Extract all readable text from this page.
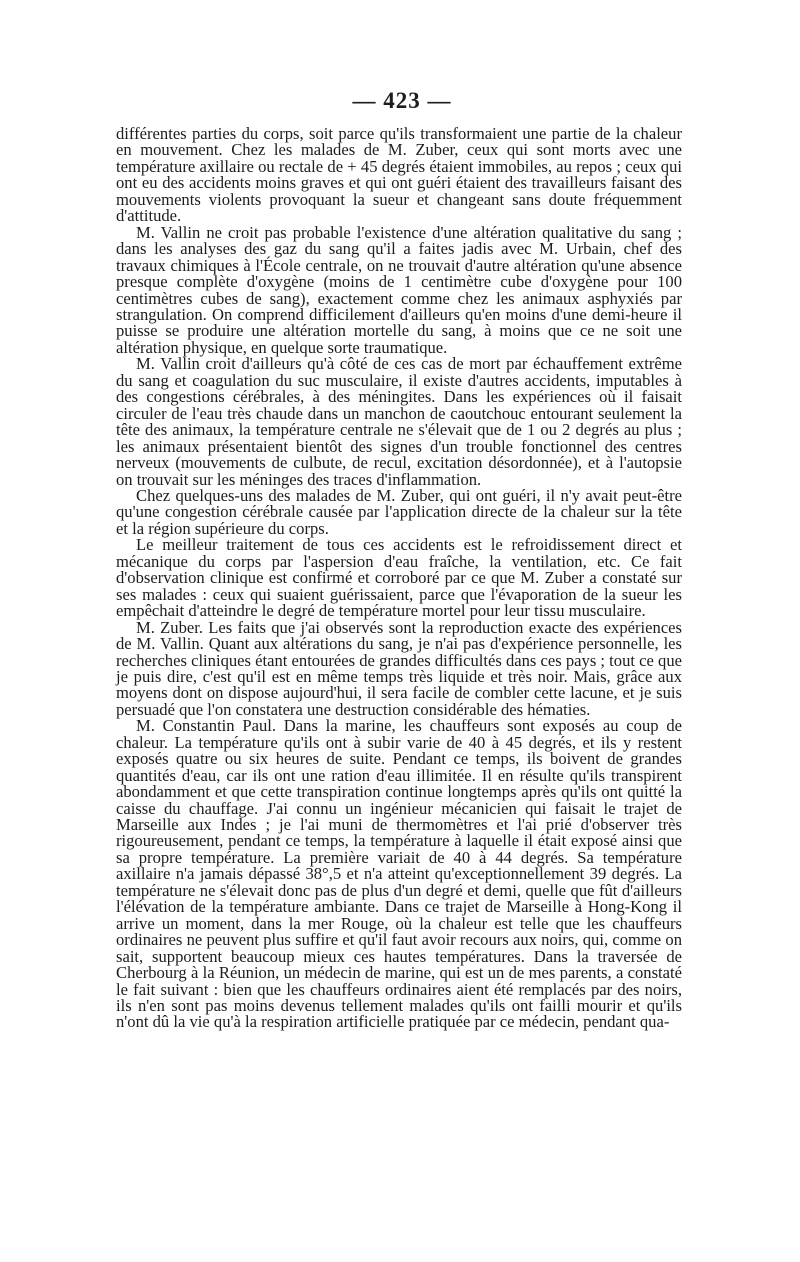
— 423 —

différentes parties du corps, soit parce qu'ils transformaient une partie de la chaleur en mouvement. Chez les malades de M. Zuber, ceux qui sont morts avec une température axillaire ou rectale de + 45 degrés étaient immobiles, au repos ; ceux qui ont eu des accidents moins graves et qui ont guéri étaient des travailleurs faisant des mouvements violents provoquant la sueur et changeant sans doute fréquemment d'attitude.

M. Vallin ne croit pas probable l'existence d'une altération qualitative du sang ; dans les analyses des gaz du sang qu'il a faites jadis avec M. Urbain, chef des travaux chimiques à l'École centrale, on ne trouvait d'autre altération qu'une absence presque complète d'oxygène (moins de 1 centimètre cube d'oxygène pour 100 centimètres cubes de sang), exactement comme chez les animaux asphyxiés par strangulation. On comprend difficilement d'ailleurs qu'en moins d'une demi-heure il puisse se produire une altération mortelle du sang, à moins que ce ne soit une altération physique, en quelque sorte traumatique.

M. Vallin croit d'ailleurs qu'à côté de ces cas de mort par échauffement extrême du sang et coagulation du suc musculaire, il existe d'autres accidents, imputables à des congestions cérébrales, à des méningites. Dans les expériences où il faisait circuler de l'eau très chaude dans un manchon de caoutchouc entourant seulement la tête des animaux, la température centrale ne s'élevait que de 1 ou 2 degrés au plus ; les animaux présentaient bientôt des signes d'un trouble fonctionnel des centres nerveux (mouvements de culbute, de recul, excitation désordonnée), et à l'autopsie on trouvait sur les méninges des traces d'inflammation.

Chez quelques-uns des malades de M. Zuber, qui ont guéri, il n'y avait peut-être qu'une congestion cérébrale causée par l'application directe de la chaleur sur la tête et la région supérieure du corps.

Le meilleur traitement de tous ces accidents est le refroidissement direct et mécanique du corps par l'aspersion d'eau fraîche, la ventilation, etc. Ce fait d'observation clinique est confirmé et corroboré par ce que M. Zuber a constaté sur ses malades : ceux qui suaient guérissaient, parce que l'évaporation de la sueur les empêchait d'atteindre le degré de température mortel pour leur tissu musculaire.

M. Zuber. Les faits que j'ai observés sont la reproduction exacte des expériences de M. Vallin. Quant aux altérations du sang, je n'ai pas d'expérience personnelle, les recherches cliniques étant entourées de grandes difficultés dans ces pays ; tout ce que je puis dire, c'est qu'il est en même temps très liquide et très noir. Mais, grâce aux moyens dont on dispose aujourd'hui, il sera facile de combler cette lacune, et je suis persuadé que l'on constatera une destruction considérable des hématies.

M. Constantin Paul. Dans la marine, les chauffeurs sont exposés au coup de chaleur. La température qu'ils ont à subir varie de 40 à 45 degrés, et ils y restent exposés quatre ou six heures de suite. Pendant ce temps, ils boivent de grandes quantités d'eau, car ils ont une ration d'eau illimitée. Il en résulte qu'ils transpirent abondamment et que cette transpiration continue longtemps après qu'ils ont quitté la caisse du chauffage. J'ai connu un ingénieur mécanicien qui faisait le trajet de Marseille aux Indes ; je l'ai muni de thermomètres et l'ai prié d'observer très rigoureusement, pendant ce temps, la température à laquelle il était exposé ainsi que sa propre température. La première variait de 40 à 44 degrés. Sa température axillaire n'a jamais dépassé 38°,5 et n'a atteint qu'exceptionnellement 39 degrés. La température ne s'élevait donc pas de plus d'un degré et demi, quelle que fût d'ailleurs l'élévation de la température ambiante. Dans ce trajet de Marseille à Hong-Kong il arrive un moment, dans la mer Rouge, où la chaleur est telle que les chauffeurs ordinaires ne peuvent plus suffire et qu'il faut avoir recours aux noirs, qui, comme on sait, supportent beaucoup mieux ces hautes températures. Dans la traversée de Cherbourg à la Réunion, un médecin de marine, qui est un de mes parents, a constaté le fait suivant : bien que les chauffeurs ordinaires aient été remplacés par des noirs, ils n'en sont pas moins devenus tellement malades qu'ils ont failli mourir et qu'ils n'ont dû la vie qu'à la respiration artificielle pratiquée par ce médecin, pendant qua-
